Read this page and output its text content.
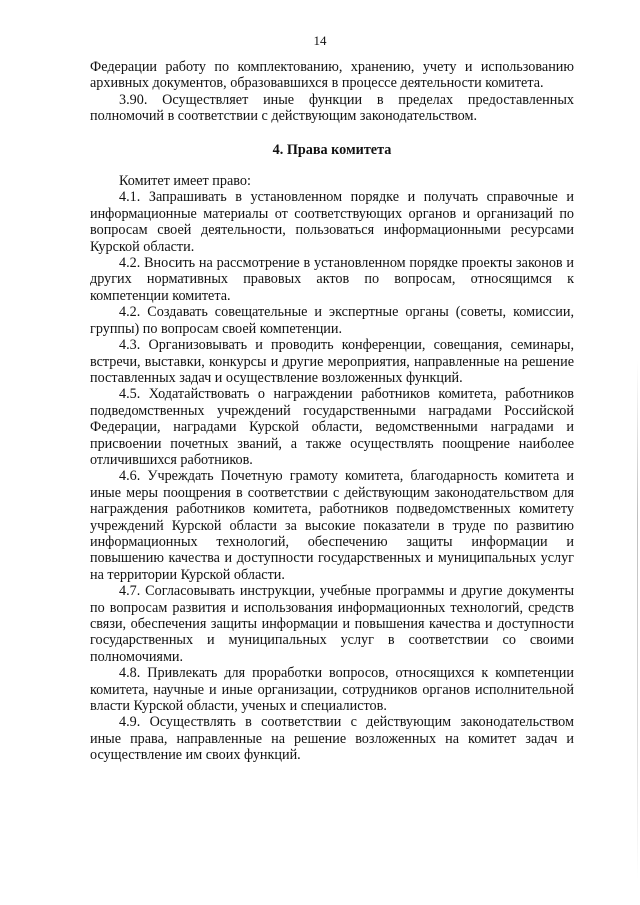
14

Федерации работу по комплектованию, хранению, учету и использованию архивных документов, образовавшихся в процессе деятельности комитета.

3.90. Осуществляет иные функции в пределах предоставленных полномочий в соответствии с действующим законодательством.

4. Права комитета

Комитет имеет право:

4.1. Запрашивать в установленном порядке и получать справочные и информационные материалы от соответствующих органов и организаций по вопросам своей деятельности, пользоваться информационными ресурсами Курской области.

4.2. Вносить на рассмотрение в установленном порядке проекты законов и других нормативных правовых актов по вопросам, относящимся к компетенции комитета.

4.2. Создавать совещательные и экспертные органы (советы, комиссии, группы) по вопросам своей компетенции.

4.3. Организовывать и проводить конференции, совещания, семинары, встречи, выставки, конкурсы и другие мероприятия, направленные на решение поставленных задач и осуществление возложенных функций.

4.5. Ходатайствовать о награждении работников комитета, работников подведомственных учреждений государственными наградами Российской Федерации, наградами Курской области, ведомственными наградами и присвоении почетных званий, а также осуществлять поощрение наиболее отличившихся работников.

4.6. Учреждать Почетную грамоту комитета, благодарность комитета и иные меры поощрения в соответствии с действующим законодательством для награждения работников комитета, работников подведомственных комитету учреждений Курской области за высокие показатели в труде по развитию информационных технологий, обеспечению защиты информации и повышению качества и доступности государственных и муниципальных услуг на территории Курской области.

4.7. Согласовывать инструкции, учебные программы и другие документы по вопросам развития и использования информационных технологий, средств связи, обеспечения защиты информации и повышения качества и доступности государственных и муниципальных услуг в соответствии со своими полномочиями.

4.8. Привлекать для проработки вопросов, относящихся к компетенции комитета, научные и иные организации, сотрудников органов исполнительной власти Курской области, ученых и специалистов.

4.9. Осуществлять в соответствии с действующим законодательством иные права, направленные на решение возложенных на комитет задач и осуществление им своих функций.
